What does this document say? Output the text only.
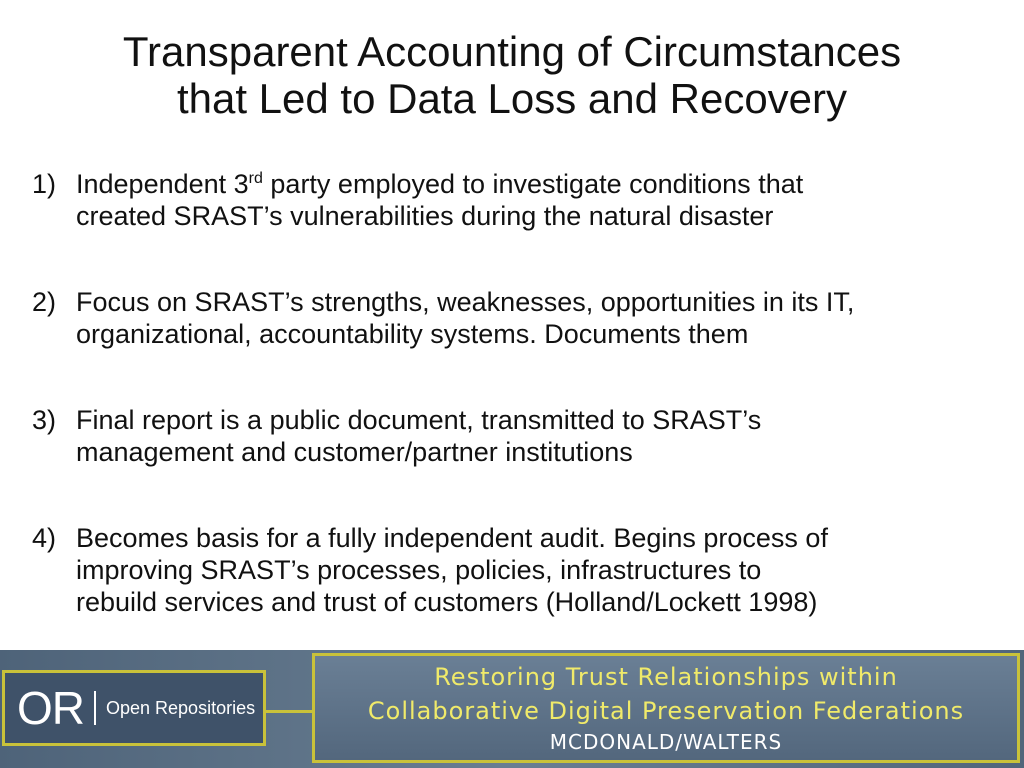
Transparent Accounting of Circumstances
that Led to Data Loss and Recovery
1) Independent 3rd party employed to investigate conditions that
created SRAST’s vulnerabilities during the natural disaster
2) Focus on SRAST’s strengths, weaknesses, opportunities in its IT,
organizational, accountability systems. Documents them
3) Final report is a public document, transmitted to SRAST’s
management and customer/partner institutions
4) Becomes basis for a fully independent audit. Begins process of
improving SRAST’s processes, policies, infrastructures to
rebuild services and trust of customers (Holland/Lockett 1998)
OR Open Repositories
Restoring Trust Relationships within
Collaborative Digital Preservation Federations
MCDONALD/WALTERS
